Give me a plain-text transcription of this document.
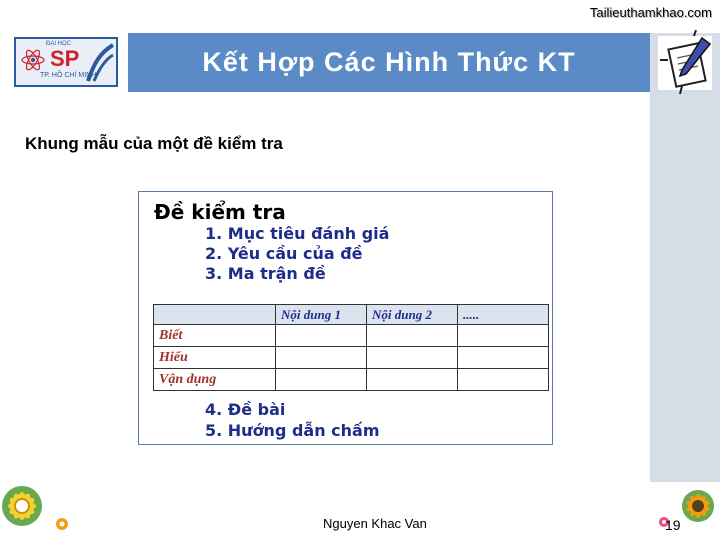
Tailieuthamkhao.com
ĐẠI HỌC
SP
TP. HỒ CHÍ MINH	Kết Hợp Các Hình Thức KT
Khung mẫu của một đề kiểm tra
Đề kiểm tra
1. Mục tiêu đánh giá
2. Yêu cầu của đề
3. Ma trận đề
	Nội dung 1	Nội dung 2	.....
Biết			
Hiểu			
Vận dụng			
4. Đề bài
5. Hướng dẫn chấm
Nguyen Khac Van	19
